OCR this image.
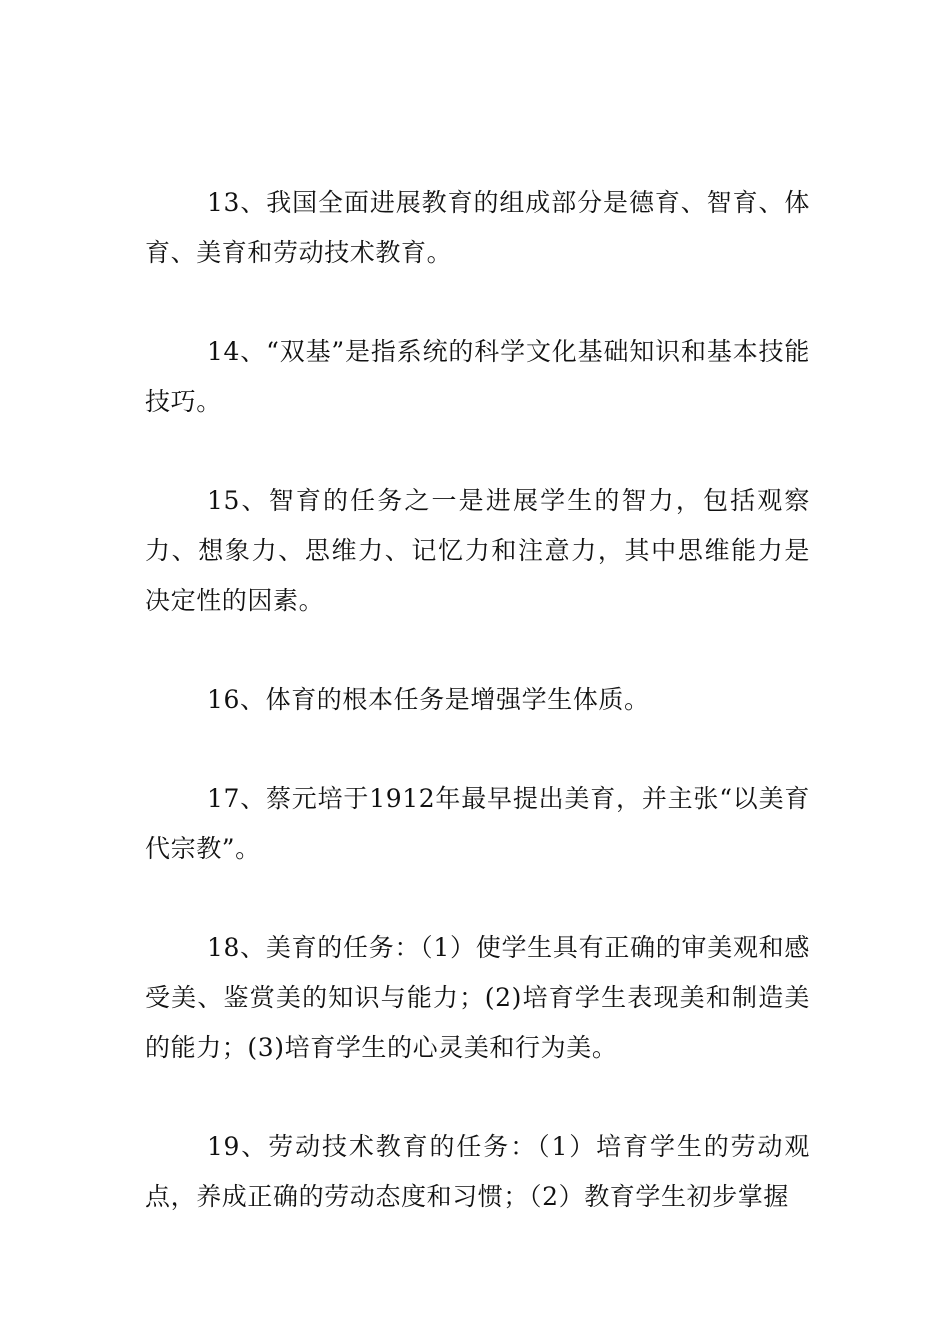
13、我国全面进展教育的组成部分是德育、智育、体育、美育和劳动技术教育。

14、“双基”是指系统的科学文化基础知识和基本技能技巧。

15、智育的任务之一是进展学生的智力，包括观察力、想象力、思维力、记忆力和注意力，其中思维能力是决定性的因素。

16、体育的根本任务是增强学生体质。

17、蔡元培于1912年最早提出美育，并主张“以美育代宗教”。

18、美育的任务：（1）使学生具有正确的审美观和感受美、鉴赏美的知识与能力；(2)培育学生表现美和制造美的能力；(3)培育学生的心灵美和行为美。

19、劳动技术教育的任务：（1）培育学生的劳动观点，养成正确的劳动态度和习惯；（2）教育学生初步掌握
